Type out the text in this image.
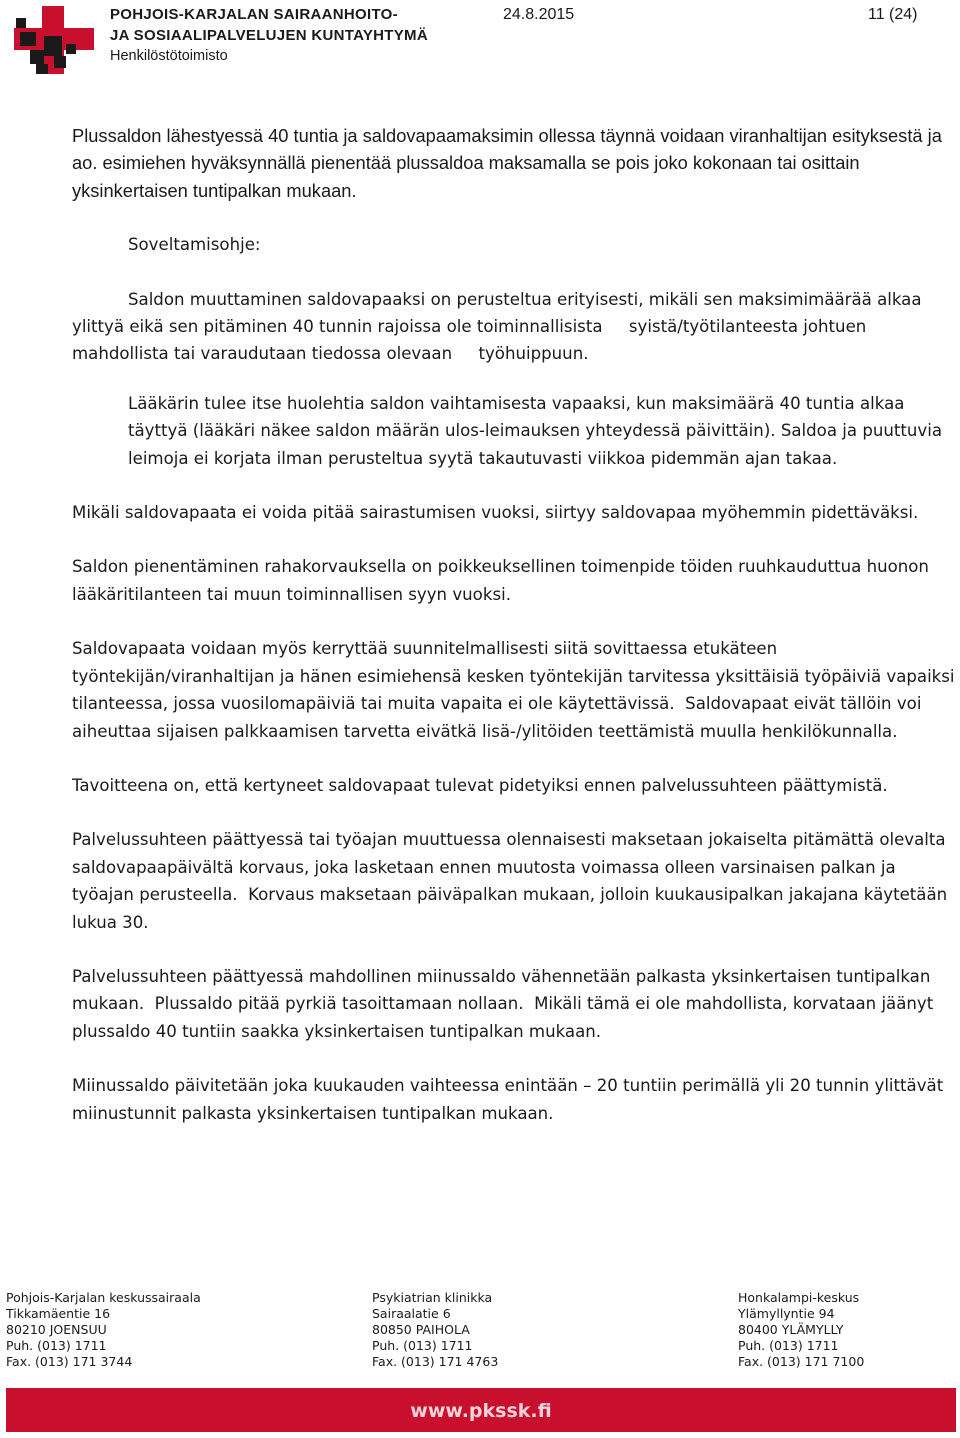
POHJOIS-KARJALAN SAIRAANHOITO-
JA SOSIAALIPALVELUJEN KUNTAYHTYMÄ
Henkilöstötoimisto
24.8.2015	11 (24)

Plussaldon lähestyessä 40 tuntia ja saldovapaamaksimin ollessa täynnä voidaan viranhaltijan esityksestä ja ao. esimiehen hyväksynnällä pienentää plussaldoa maksamalla se pois joko kokonaan tai osittain yksinkertaisen tuntipalkan mukaan.

Soveltamisohje:

Saldon muuttaminen saldovapaaksi on perusteltua erityisesti, mikäli sen maksimimäärää alkaa ylittyä eikä sen pitäminen 40 tunnin rajoissa ole toiminnallisista     syistä/työtilanteesta johtuen mahdollista tai varaudutaan tiedossa olevaan     työhuippuun.

Lääkärin tulee itse huolehtia saldon vaihtamisesta vapaaksi, kun maksimäärä 40 tuntia alkaa täyttyä (lääkäri näkee saldon määrän ulos-leimauksen yhteydessä päivittäin). Saldoa ja puuttuvia leimoja ei korjata ilman perusteltua syytä takautuvasti viikkoa pidemmän ajan takaa.

Mikäli saldovapaata ei voida pitää sairastumisen vuoksi, siirtyy saldovapaa myöhemmin pidettäväksi.

Saldon pienentäminen rahakorvauksella on poikkeuksellinen toimenpide töiden ruuhkauduttua huonon lääkäritilanteen tai muun toiminnallisen syyn vuoksi.

Saldovapaata voidaan myös kerryttää suunnitelmallisesti siitä sovittaessa etukäteen työntekijän/viranhaltijan ja hänen esimiehensä kesken työntekijän tarvitessa yksittäisiä työpäiviä vapaiksi tilanteessa, jossa vuosilomapäiviä tai muita vapaita ei ole käytettävissä.  Saldovapaat eivät tällöin voi aiheuttaa sijaisen palkkaamisen tarvetta eivätkä lisä-/ylitöiden teettämistä muulla henkilökunnalla.

Tavoitteena on, että kertyneet saldovapaat tulevat pidetyiksi ennen palvelussuhteen päättymistä.

Palvelussuhteen päättyessä tai työajan muuttuessa olennaisesti maksetaan jokaiselta pitämättä olevalta saldovapaapäivältä korvaus, joka lasketaan ennen muutosta voimassa olleen varsinaisen palkan ja työajan perusteella.  Korvaus maksetaan päiväpalkan mukaan, jolloin kuukausipalkan jakajana käytetään lukua 30.

Palvelussuhteen päättyessä mahdollinen miinussaldo vähennetään palkasta yksinkertaisen tuntipalkan mukaan.  Plussaldo pitää pyrkiä tasoittamaan nollaan.  Mikäli tämä ei ole mahdollista, korvataan jäänyt plussaldo 40 tuntiin saakka yksinkertaisen tuntipalkan mukaan.

Miinussaldo päivitetään joka kuukauden vaihteessa enintään – 20 tuntiin perimällä yli 20 tunnin ylittävät miinustunnit palkasta yksinkertaisen tuntipalkan mukaan.

Pohjois-Karjalan keskussairaala
Tikkamäentie 16
80210 JOENSUU
Puh. (013) 1711
Fax. (013) 171 3744
Psykiatrian klinikka
Sairaalatie 6
80850 PAIHOLA
Puh. (013) 1711
Fax. (013) 171 4763
Honkalampi-keskus
Ylämyllyntie 94
80400 YLÄMYLLY
Puh. (013) 1711
Fax. (013) 171 7100
www.pkssk.fi
